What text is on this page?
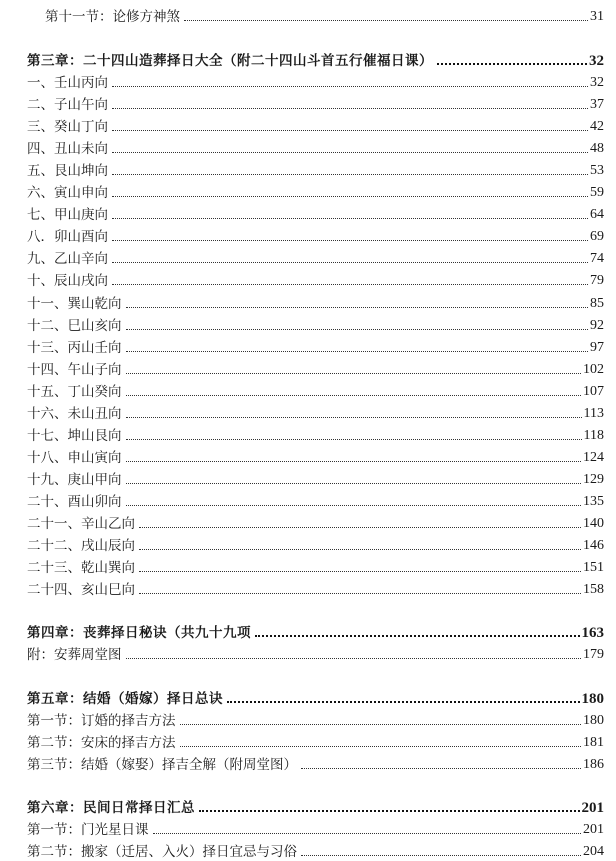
第十一节：论修方神煞	31
第三章：二十四山造葬择日大全（附二十四山斗首五行催福日课）	32
一、壬山丙向	32
二、子山午向	37
三、癸山丁向	42
四、丑山未向	48
五、艮山坤向	53
六、寅山申向	59
七、甲山庚向	64
八．卯山酉向	69
九、乙山辛向	74
十、辰山戌向	79
十一、巽山乾向	85
十二、巳山亥向	92
十三、丙山壬向	97
十四、午山子向	102
十五、丁山癸向	107
十六、未山丑向	113
十七、坤山艮向	118
十八、申山寅向	124
十九、庚山甲向	129
二十、酉山卯向	135
二十一、辛山乙向	140
二十二、戌山辰向	146
二十三、乾山巽向	151
二十四、亥山巳向	158
第四章：丧葬择日秘诀（共九十九项	163
附：安葬周堂图	179
第五章：结婚（婚嫁）择日总诀	180
第一节：订婚的择吉方法	180
第二节：安床的择吉方法	181
第三节：结婚（嫁娶）择吉全解（附周堂图）	186
第六章：民间日常择日汇总	201
第一节：门光星日课	201
第二节：搬家（迁居、入火）择日宜忌与习俗	204
